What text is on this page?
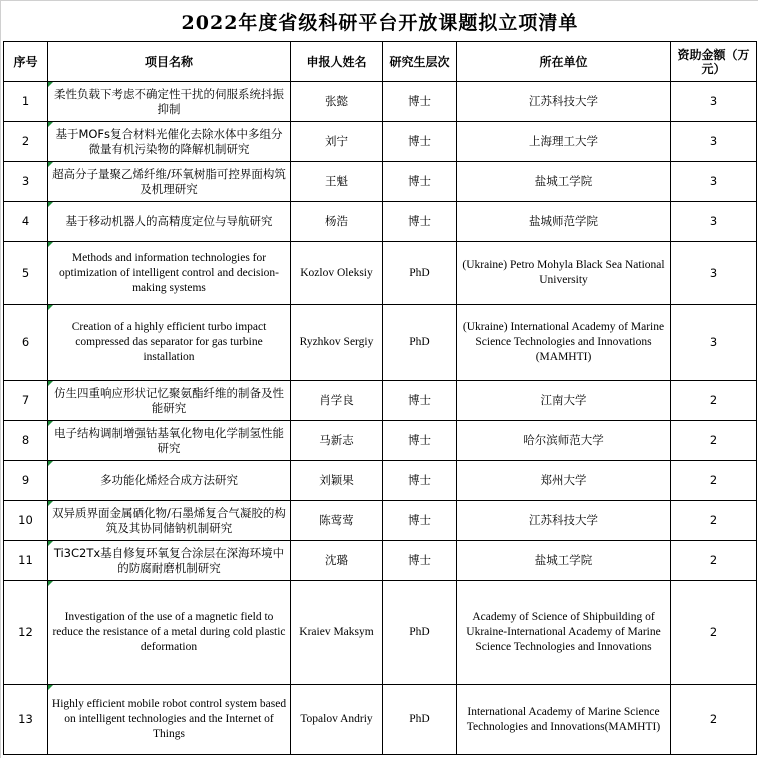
2022年度省级科研平台开放课题拟立项清单
序号	项目名称	申报人姓名	研究生层次	所在单位	资助金额（万元）
1	柔性负载下考虑不确定性干扰的伺服系统抖振抑制	张懿	博士	江苏科技大学	3
2	基于MOFs复合材料光催化去除水体中多组分微量有机污染物的降解机制研究	刘宁	博士	上海理工大学	3
3	超高分子量聚乙烯纤维/环氧树脂可控界面构筑及机理研究	王魁	博士	盐城工学院	3
4	基于移动机器人的高精度定位与导航研究	杨浩	博士	盐城师范学院	3
5	Methods and information technologies for optimization of intelligent control and decision-making systems	Kozlov Oleksiy	PhD	(Ukraine) Petro Mohyla Black Sea National University	3
6	Creation of a highly efficient turbo impact compressed das separator for gas turbine installation	Ryzhkov Sergiy	PhD	(Ukraine) International Academy of Marine Science Technologies and Innovations (MAMHTI)	3
7	仿生四重响应形状记忆聚氨酯纤维的制备及性能研究	肖学良	博士	江南大学	2
8	电子结构调制增强钴基氧化物电化学制氢性能研究	马新志	博士	哈尔滨师范大学	2
9	多功能化烯烃合成方法研究	刘颖果	博士	郑州大学	2
10	双异质界面金属硒化物/石墨烯复合气凝胶的构筑及其协同储钠机制研究	陈莺莺	博士	江苏科技大学	2
11	Ti3C2Tx基自修复环氧复合涂层在深海环境中的防腐耐磨机制研究	沈璐	博士	盐城工学院	2
12	Investigation of the use of a magnetic field to reduce the resistance of a metal during cold plastic deformation	Kraiev Maksym	PhD	Academy of Science of Shipbuilding of Ukraine-International Academy of Marine Science Technologies and Innovations	2
13	Highly efficient mobile robot control system based on intelligent technologies and the Internet of Things	Topalov Andriy	PhD	International Academy of Marine Science Technologies and Innovations(MAMHTI)	2
